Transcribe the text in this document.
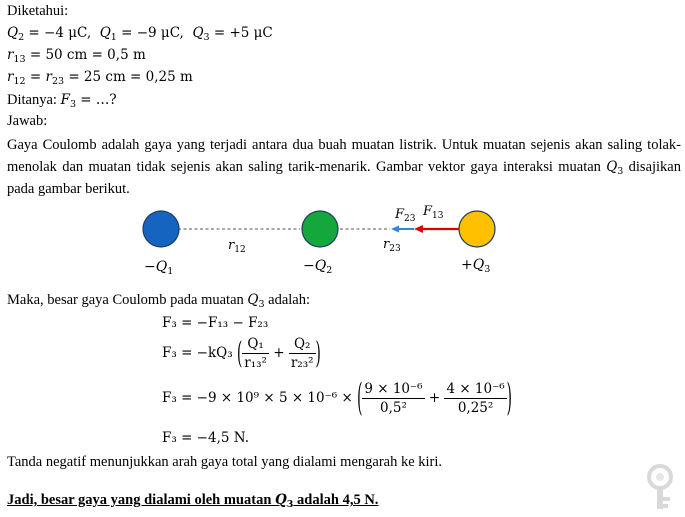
Diketahui:
$Q_2 = -4$ μC, $Q_1 = -9$ μC, $Q_3 = +5$ μC
$r_{13} = 50$ cm = 0,5 m
$r_{12} = r_{23} = 25$ cm = 0,25 m
Ditanya: $F_3$ = …?
Jawab:
Gaya Coulomb adalah gaya yang terjadi antara dua buah muatan listrik. Untuk muatan sejenis akan saling tolak-menolak dan muatan tidak sejenis akan saling tarik-menarik. Gambar vektor gaya interaksi muatan $Q_3$ disajikan pada gambar berikut.
$F_{23}$ $F_{13}$
$r_{12}$	$r_{23}$
$-Q_1$	$-Q_2$	$+Q_3$
Maka, besar gaya Coulomb pada muatan $Q_3$ adalah:
F₃ = −F₁₃ − F₂₃
F₃ = −kQ₃ ( $\frac{\text{Q₁}}{\text{r₁₃²}} + \frac{\text{Q₂}}{\text{r₂₃²}}$ )
F₃ = −9 × 10⁹ × 5 × 10⁻⁶ × ( $\frac{\text{9 × 10⁻⁶}}{\text{0,5²}} + \frac{\text{4 × 10⁻⁶}}{\text{0,25²}}$ )
F₃ = −4,5 N.
Tanda negatif menunjukkan arah gaya total yang dialami mengarah ke kiri.
Jadi, besar gaya yang dialami oleh muatan $Q_3$ adalah 4,5 N.
